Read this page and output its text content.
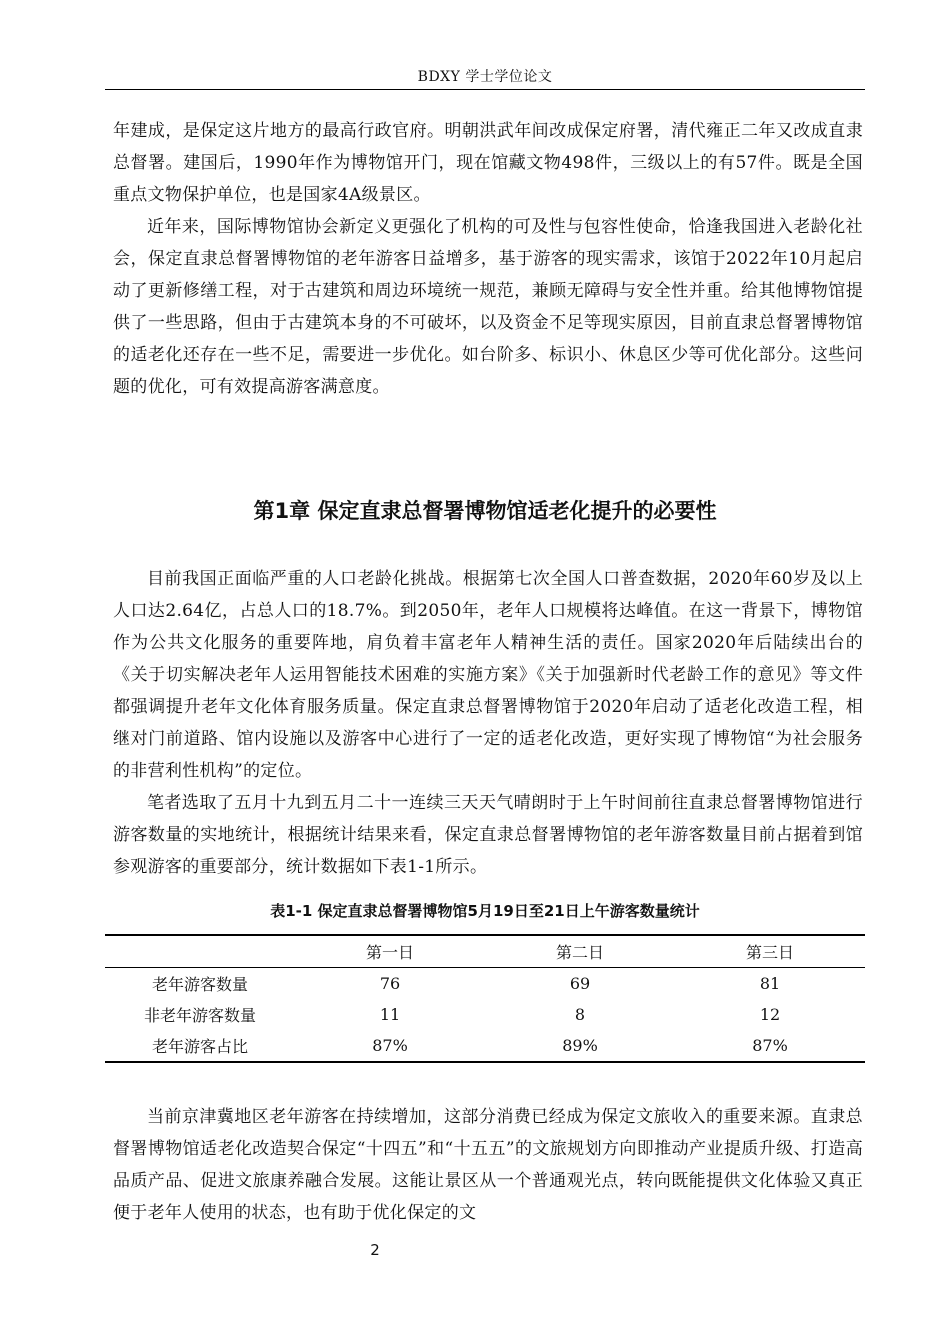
BDXY 学士学位论文

年建成，是保定这片地方的最高行政官府。明朝洪武年间改成保定府署，清代雍正二年又改成直隶总督署。建国后，1990年作为博物馆开门，现在馆藏文物498件，三级以上的有57件。既是全国重点文物保护单位，也是国家4A级景区。

近年来，国际博物馆协会新定义更强化了机构的可及性与包容性使命，恰逢我国进入老龄化社会，保定直隶总督署博物馆的老年游客日益增多，基于游客的现实需求，该馆于2022年10月起启动了更新修缮工程，对于古建筑和周边环境统一规范，兼顾无障碍与安全性并重。给其他博物馆提供了一些思路，但由于古建筑本身的不可破坏，以及资金不足等现实原因，目前直隶总督署博物馆的适老化还存在一些不足，需要进一步优化。如台阶多、标识小、休息区少等可优化部分。这些问题的优化，可有效提高游客满意度。

第1章 保定直隶总督署博物馆适老化提升的必要性

目前我国正面临严重的人口老龄化挑战。根据第七次全国人口普查数据，2020年60岁及以上人口达2.64亿，占总人口的18.7%。到2050年，老年人口规模将达峰值。在这一背景下，博物馆作为公共文化服务的重要阵地，肩负着丰富老年人精神生活的责任。国家2020年后陆续出台的《关于切实解决老年人运用智能技术困难的实施方案》《关于加强新时代老龄工作的意见》等文件都强调提升老年文化体育服务质量。保定直隶总督署博物馆于2020年启动了适老化改造工程，相继对门前道路、馆内设施以及游客中心进行了一定的适老化改造，更好实现了博物馆“为社会服务的非营利性机构”的定位。

笔者选取了五月十九到五月二十一连续三天天气晴朗时于上午时间前往直隶总督署博物馆进行游客数量的实地统计，根据统计结果来看，保定直隶总督署博物馆的老年游客数量目前占据着到馆参观游客的重要部分，统计数据如下表1-1所示。

表1-1 保定直隶总督署博物馆5月19日至21日上午游客数量统计
	第一日	第二日	第三日
老年游客数量	76	69	81
非老年游客数量	11	8	12
老年游客占比	87%	89%	87%

当前京津冀地区老年游客在持续增加，这部分消费已经成为保定文旅收入的重要来源。直隶总督署博物馆适老化改造契合保定“十四五”和“十五五”的文旅规划方向即推动产业提质升级、打造高品质产品、促进文旅康养融合发展。这能让景区从一个普通观光点，转向既能提供文化体验又真正便于老年人使用的状态，也有助于优化保定的文

2
